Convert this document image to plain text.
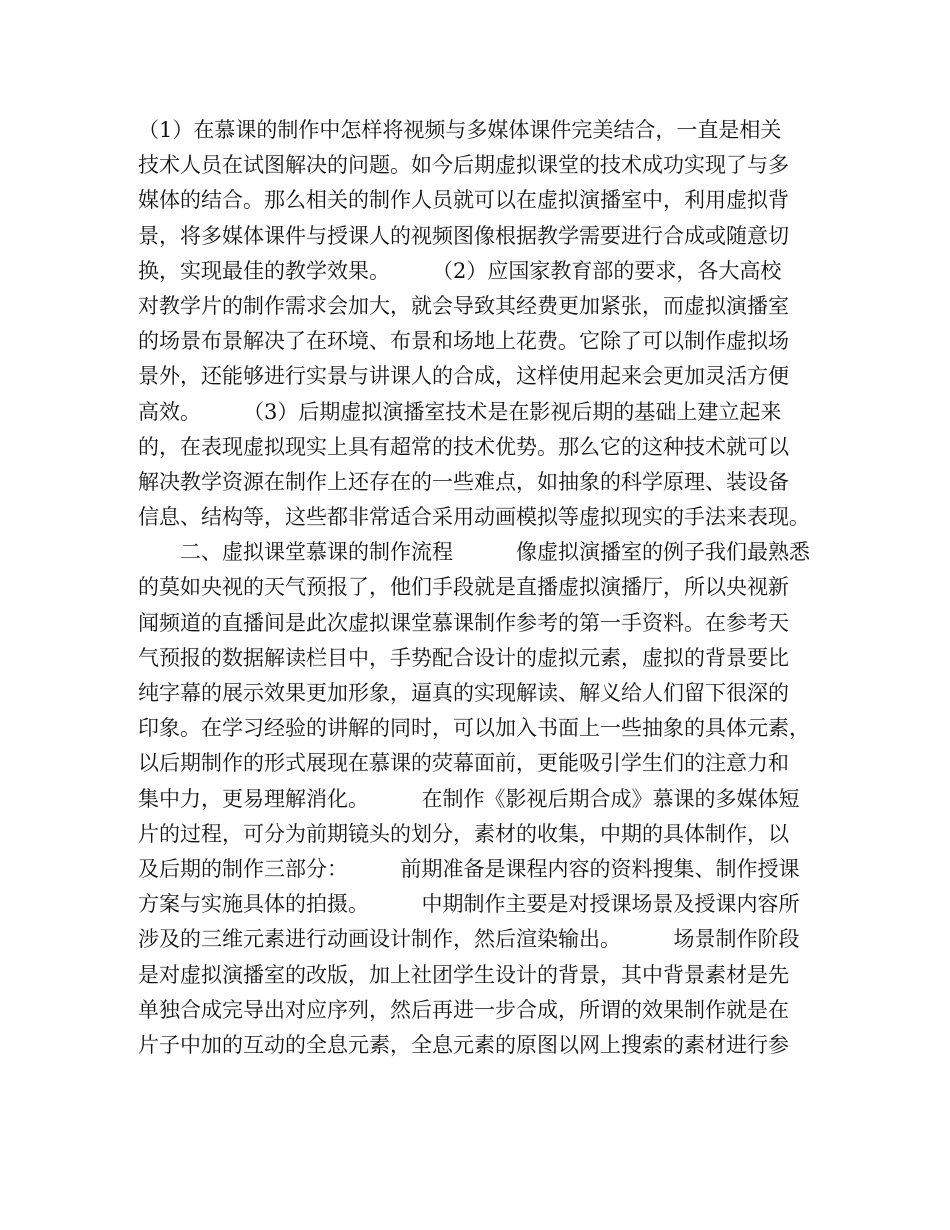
（1）在慕课的制作中怎样将视频与多媒体课件完美结合，一直是相关
技术人员在试图解决的问题。如今后期虚拟课堂的技术成功实现了与多
媒体的结合。那么相关的制作人员就可以在虚拟演播室中，利用虚拟背
景，将多媒体课件与授课人的视频图像根据教学需要进行合成或随意切
换，实现最佳的教学效果。　　　（2）应国家教育部的要求，各大高校
对教学片的制作需求会加大，就会导致其经费更加紧张，而虚拟演播室
的场景布景解决了在环境、布景和场地上花费。它除了可以制作虚拟场
景外，还能够进行实景与讲课人的合成，这样使用起来会更加灵活方便
高效。　　　（3）后期虚拟演播室技术是在影视后期的基础上建立起来
的，在表现虚拟现实上具有超常的技术优势。那么它的这种技术就可以
解决教学资源在制作上还存在的一些难点，如抽象的科学原理、装设备
信息、结构等，这些都非常适合采用动画模拟等虚拟现实的手法来表现。
　　二、虚拟课堂慕课的制作流程　　　像虚拟演播室的例子我们最熟悉
的莫如央视的天气预报了，他们手段就是直播虚拟演播厅，所以央视新
闻频道的直播间是此次虚拟课堂慕课制作参考的第一手资料。在参考天
气预报的数据解读栏目中，手势配合设计的虚拟元素，虚拟的背景要比
纯字幕的展示效果更加形象，逼真的实现解读、解义给人们留下很深的
印象。在学习经验的讲解的同时，可以加入书面上一些抽象的具体元素，
以后期制作的形式展现在慕课的荧幕面前，更能吸引学生们的注意力和
集中力，更易理解消化。　　　在制作《影视后期合成》慕课的多媒体短
片的过程，可分为前期镜头的划分，素材的收集，中期的具体制作，以
及后期的制作三部分：　　　前期准备是课程内容的资料搜集、制作授课
方案与实施具体的拍摄。　　　中期制作主要是对授课场景及授课内容所
涉及的三维元素进行动画设计制作，然后渲染输出。　　　场景制作阶段
是对虚拟演播室的改版，加上社团学生设计的背景，其中背景素材是先
单独合成完导出对应序列，然后再进一步合成，所谓的效果制作就是在
片子中加的互动的全息元素，全息元素的原图以网上搜索的素材进行参
